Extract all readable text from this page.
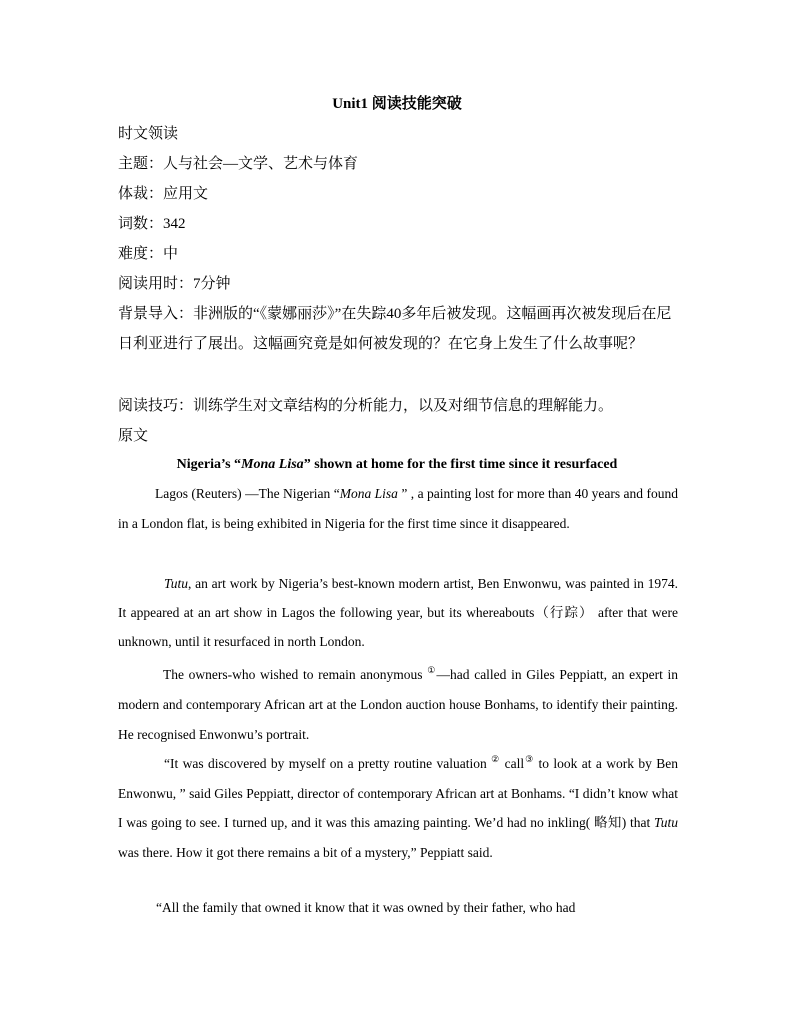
Unit1 阅读技能突破
时文领读
主题：人与社会—文学、艺术与体育
体裁：应用文
词数：342
难度：中
阅读用时：7分钟
背景导入：非洲版的“《蒙娜丽莎》”在失踪40多年后被发现。这幅画再次被发现后在尼日利亚进行了展出。这幅画究竟是如何被发现的？在它身上发生了什么故事呢？
阅读技巧：训练学生对文章结构的分析能力，以及对细节信息的理解能力。
原文
Nigeria’s “Mona Lisa” shown at home for the first time since it resurfaced
Lagos (Reuters) —The Nigerian “Mona Lisa ” , a painting lost for more than 40 years and found in a London flat, is being exhibited in Nigeria for the first time since it disappeared.
Tutu, an art work by Nigeria’s best-known modern artist, Ben Enwonwu, was painted in 1974. It appeared at an art show in Lagos the following year, but its whereabouts（行踪） after that were unknown, until it resurfaced in north London.
The owners-who wished to remain anonymous ①—had called in Giles Peppiatt, an expert in modern and contemporary African art at the London auction house Bonhams, to identify their painting. He recognised Enwonwu’s portrait.
“It was discovered by myself on a pretty routine valuation ② call③ to look at a work by Ben Enwonwu, ” said Giles Peppiatt, director of contemporary African art at Bonhams. “I didn’t know what I was going to see. I turned up, and it was this amazing painting. We’d had no inkling( 略知) that Tutu was there. How it got there remains a bit of a mystery,” Peppiatt said.
“All the family that owned it know that it was owned by their father, who had
